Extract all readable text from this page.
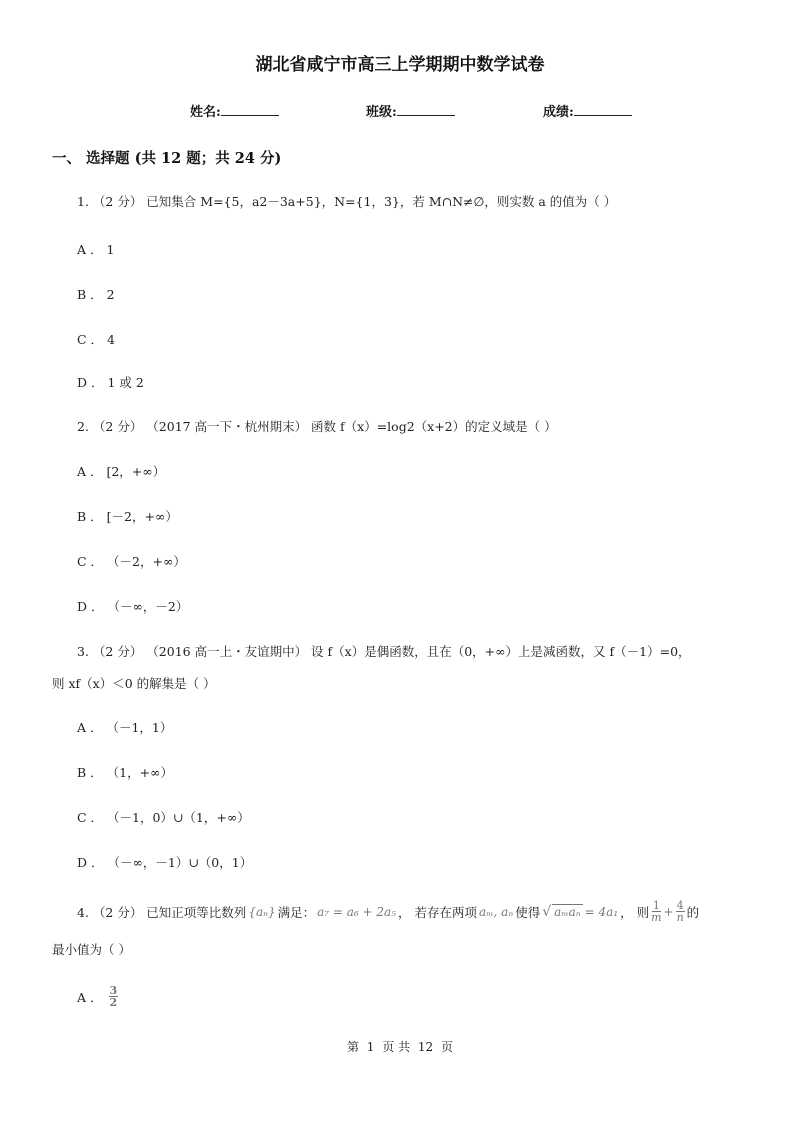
湖北省咸宁市高三上学期期中数学试卷
姓名:	班级:	成绩:
一、 选择题 (共 12 题；共 24 分)
1. （2 分） 已知集合 M={5，a2－3a+5}，N={1，3}，若 M∩N≠∅，则实数 a 的值为（ ）
A ． 1
B ． 2
C ． 4
D ． 1 或 2
2. （2 分） （2017 高一下・杭州期末） 函数 f（x）=log2（x+2）的定义域是（ ）
A ． [2，+∞）
B ． [－2，+∞）
C ． （－2，+∞）
D ． （－∞，－2）
3. （2 分） （2016 高一上・友谊期中） 设 f（x）是偶函数，且在（0，+∞）上是减函数，又 f（－1）=0，
则 xf（x）＜0 的解集是（ ）
A ． （－1，1）
B ． （1，+∞）
C ． （－1，0）∪（1，+∞）
D ． （－∞，－1）∪（0，1）
4. （2 分） 已知正项等比数列 {aₙ} 满足： a₇ = a₆ + 2a₅ ， 若存在两项 aₘ, aₙ 使得 √ aₘaₙ = 4a₁ ， 则 $\frac{1}{m} + \frac{4}{n}$ 的
最小值为（ ）
A ． $\frac{3}{2}$
第 1 页 共 12 页
